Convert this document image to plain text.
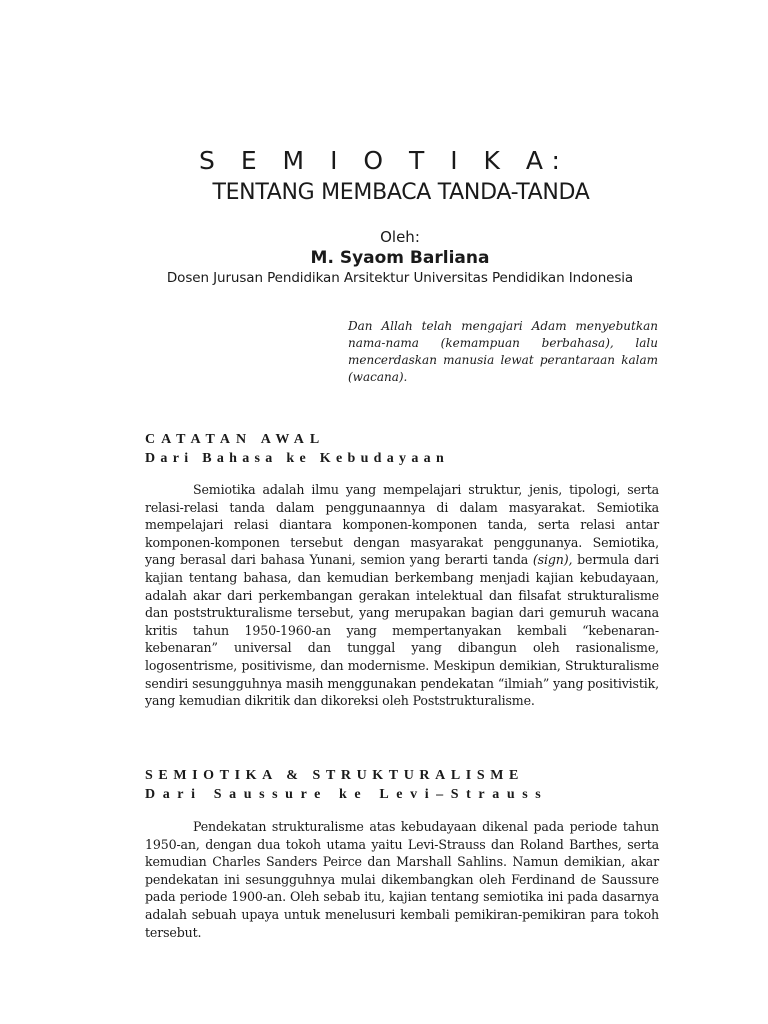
S E M I O T I K A:
TENTANG MEMBACA TANDA-TANDA

Oleh:

M. Syaom Barliana

Dosen Jurusan Pendidikan Arsitektur Universitas Pendidikan Indonesia

Dan Allah telah mengajari Adam menyebutkan nama-nama (kemampuan berbahasa), lalu mencerdaskan manusia lewat perantaraan kalam (wacana).

CATATAN AWAL

Dari Bahasa ke Kebudayaan

Semiotika adalah ilmu yang mempelajari struktur, jenis, tipologi, serta relasi-relasi tanda dalam penggunaannya di dalam masyarakat. Semiotika mempelajari relasi diantara komponen-komponen tanda, serta relasi antar komponen-komponen tersebut dengan masyarakat penggunanya. Semiotika, yang berasal dari bahasa Yunani, semion yang berarti tanda (sign), bermula dari kajian tentang bahasa, dan kemudian berkembang menjadi kajian kebudayaan, adalah akar dari perkembangan gerakan intelektual dan filsafat strukturalisme dan poststrukturalisme tersebut, yang merupakan bagian dari gemuruh wacana kritis tahun 1950-1960-an yang mempertanyakan kembali “kebenaran-kebenaran” universal dan tunggal yang dibangun oleh rasionalisme, logosentrisme, positivisme, dan modernisme. Meskipun demikian, Strukturalisme sendiri sesungguhnya masih menggunakan pendekatan “ilmiah” yang positivistik, yang kemudian dikritik dan dikoreksi oleh Poststrukturalisme.

SEMIOTIKA & STRUKTURALISME

Dari Saussure ke Levi–Strauss

Pendekatan strukturalisme atas kebudayaan dikenal pada periode tahun 1950-an, dengan dua tokoh utama yaitu Levi-Strauss dan Roland Barthes, serta kemudian Charles Sanders Peirce dan Marshall Sahlins. Namun demikian, akar pendekatan ini sesungguhnya mulai dikembangkan oleh Ferdinand de Saussure pada periode 1900-an. Oleh sebab itu, kajian tentang semiotika ini pada dasarnya adalah sebuah upaya untuk menelusuri kembali pemikiran-pemikiran para tokoh tersebut.
